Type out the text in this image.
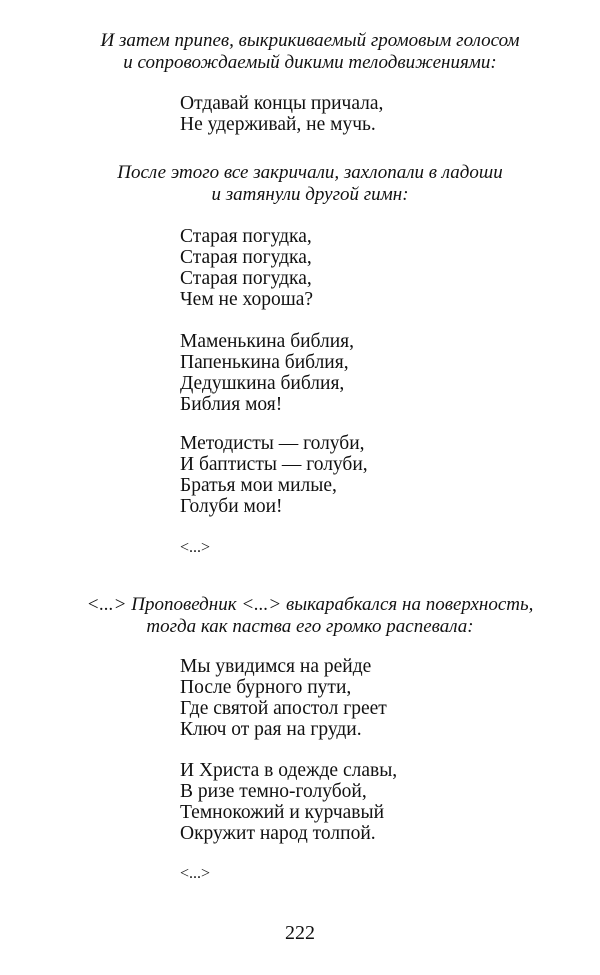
И затем припев, выкрикиваемый громовым голосом
и сопровождаемый дикими телодвижениями:
Отдавай концы причала,
Не удерживай, не мучь.
После этого все закричали, захлопали в ладоши
и затянули другой гимн:
Старая погудка,
Старая погудка,
Старая погудка,
Чем не хороша?
Маменькина библия,
Папенькина библия,
Дедушкина библия,
Библия моя!
Методисты — голуби,
И баптисты — голуби,
Братья мои милые,
Голуби мои!
<...>
<...> Проповедник <...> выкарабкался на поверхность,
тогда как паства его громко распевала:
Мы увидимся на рейде
После бурного пути,
Где святой апостол греет
Ключ от рая на груди.
И Христа в одежде славы,
В ризе темно-голубой,
Темнокожий и курчавый
Окружит народ толпой.
<...>
222
